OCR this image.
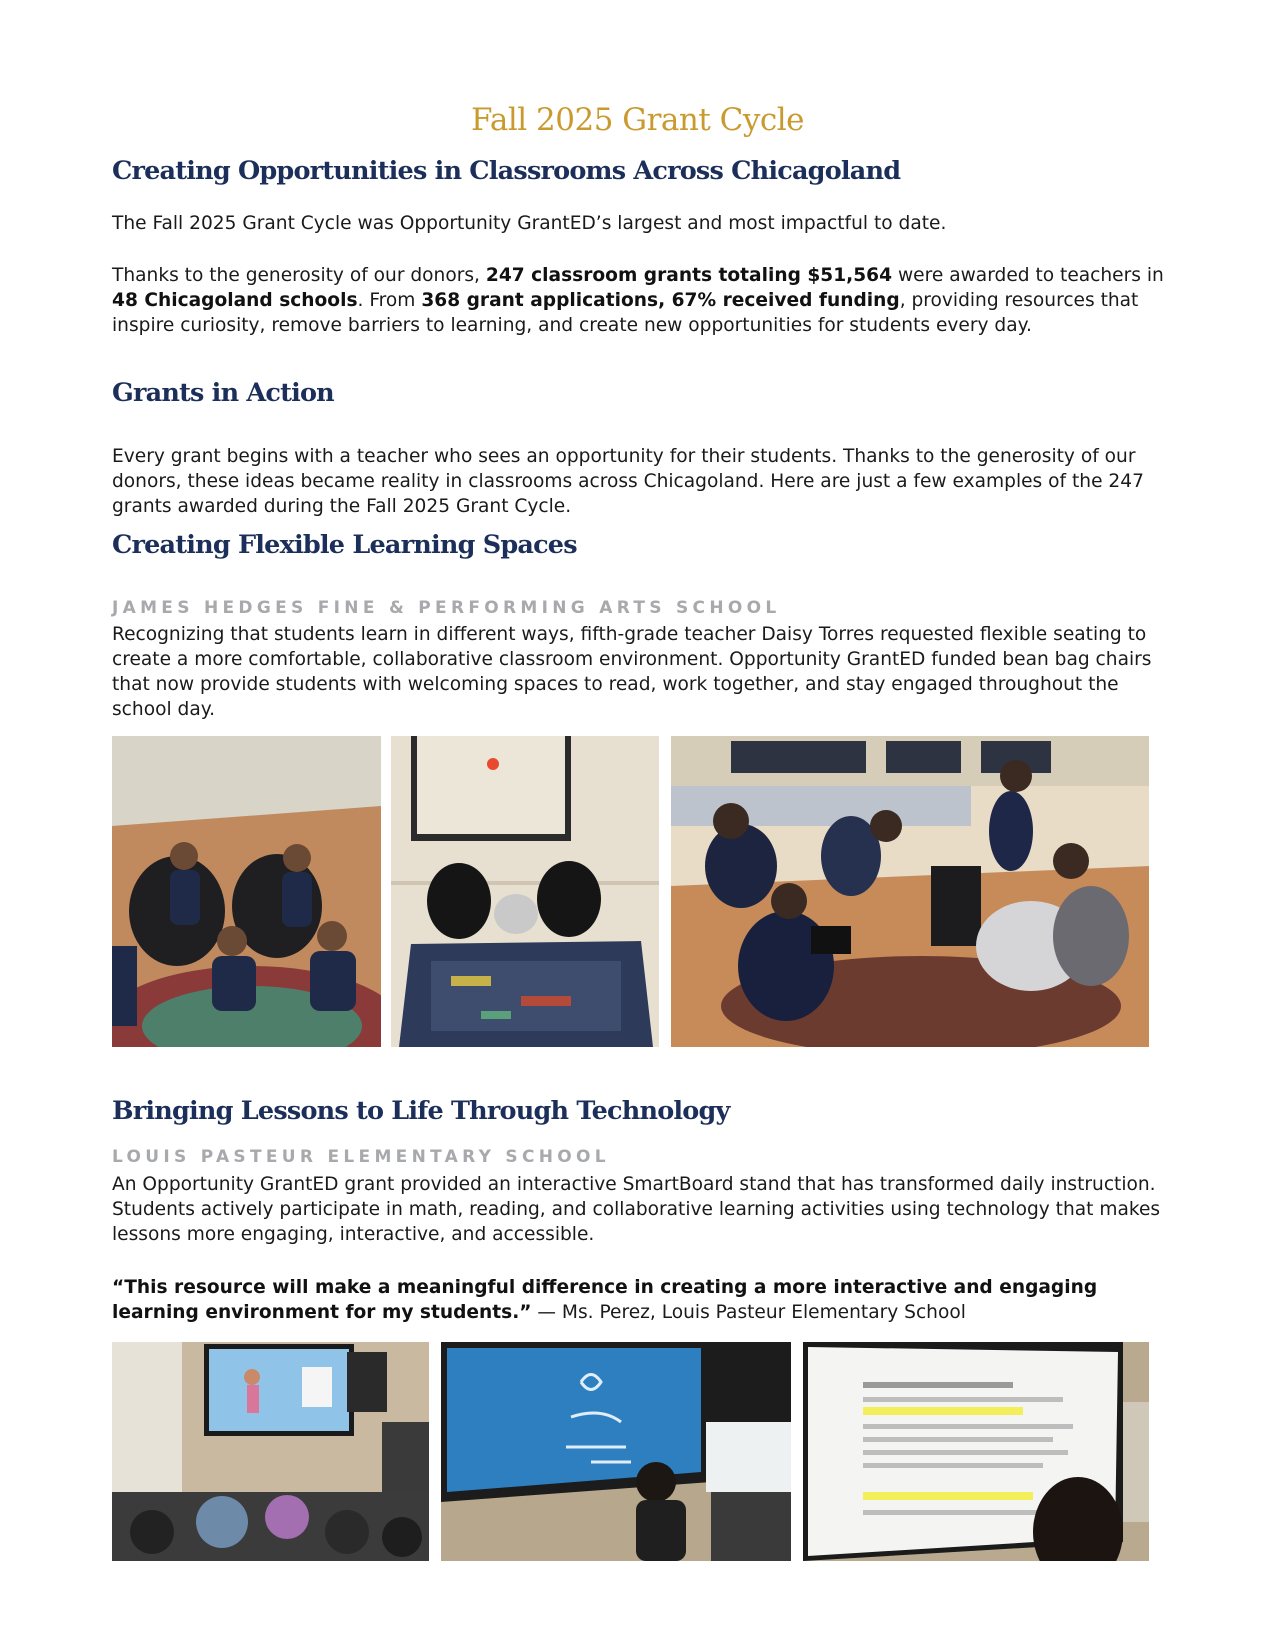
Fall 2025 Grant Cycle
Creating Opportunities in Classrooms Across Chicagoland

The Fall 2025 Grant Cycle was Opportunity GrantED’s largest and most impactful to date.

Thanks to the generosity of our donors, 247 classroom grants totaling $51,564 were awarded to teachers in 48 Chicagoland schools. From 368 grant applications, 67% received funding, providing resources that inspire curiosity, remove barriers to learning, and create new opportunities for students every day.

Grants in Action

Every grant begins with a teacher who sees an opportunity for their students. Thanks to the generosity of our donors, these ideas became reality in classrooms across Chicagoland. Here are just a few examples of the 247 grants awarded during the Fall 2025 Grant Cycle.

Creating Flexible Learning Spaces

JAMES HEDGES FINE & PERFORMING ARTS SCHOOL

Recognizing that students learn in different ways, fifth-grade teacher Daisy Torres requested flexible seating to create a more comfortable, collaborative classroom environment. Opportunity GrantED funded bean bag chairs that now provide students with welcoming spaces to read, work together, and stay engaged throughout the school day.

Bringing Lessons to Life Through Technology

LOUIS PASTEUR ELEMENTARY SCHOOL

An Opportunity GrantED grant provided an interactive SmartBoard stand that has transformed daily instruction. Students actively participate in math, reading, and collaborative learning activities using technology that makes lessons more engaging, interactive, and accessible.

“This resource will make a meaningful difference in creating a more interactive and engaging learning environment for my students.” — Ms. Perez, Louis Pasteur Elementary School
